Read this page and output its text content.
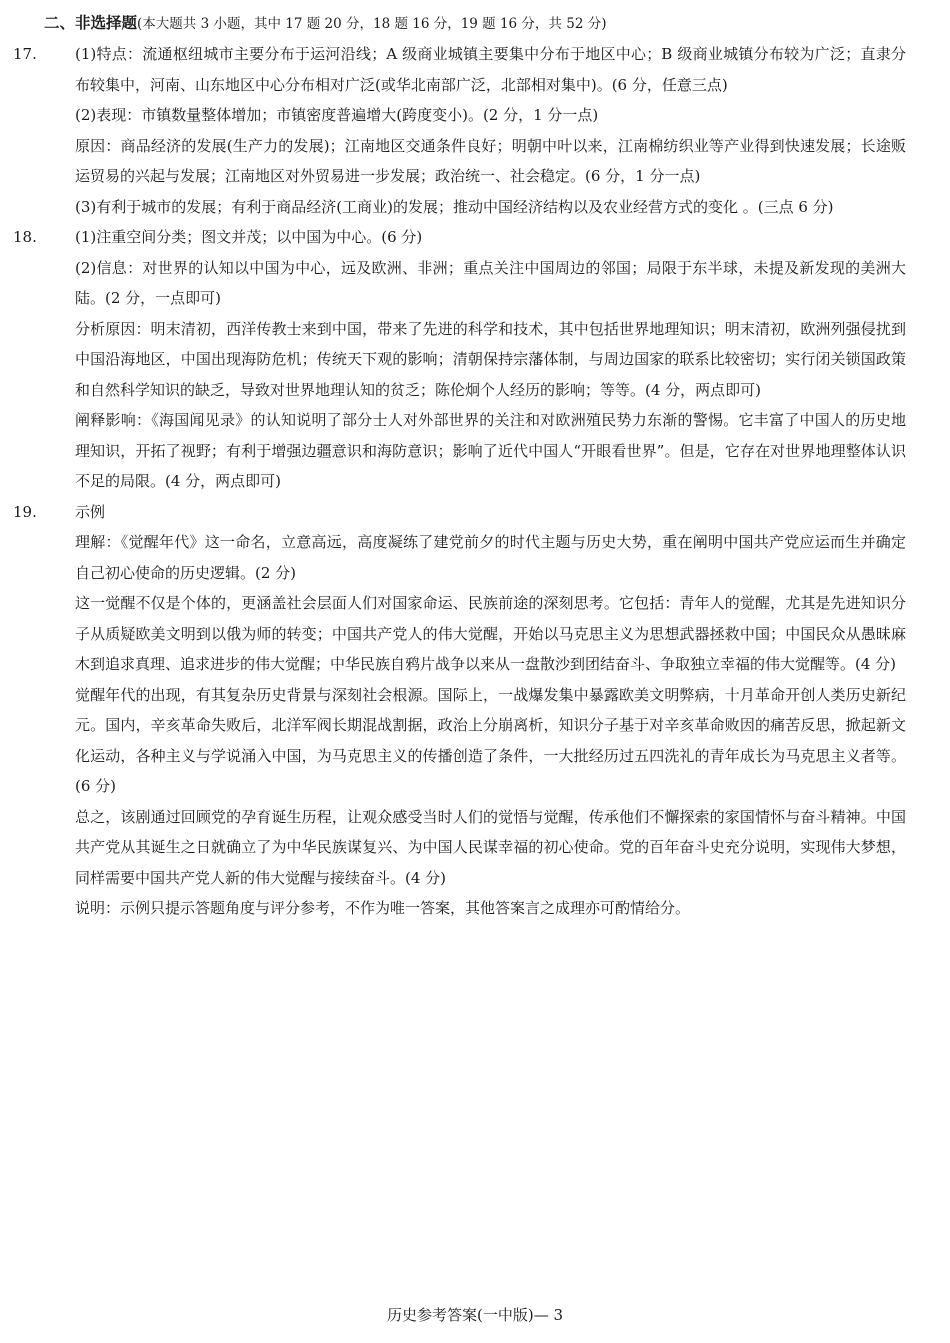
二、非选择题(本大题共 3 小题，其中 17 题 20 分，18 题 16 分，19 题 16 分，共 52 分)

17.	(1)特点：流通枢纽城市主要分布于运河沿线；A 级商业城镇主要集中分布于地区中心；B 级商业城镇分布较为广泛；直隶分布较集中，河南、山东地区中心分布相对广泛(或华北南部广泛，北部相对集中)。(6 分，任意三点)

(2)表现：市镇数量整体增加；市镇密度普遍增大(跨度变小)。(2 分，1 分一点)

原因：商品经济的发展(生产力的发展)；江南地区交通条件良好；明朝中叶以来，江南棉纺织业等产业得到快速发展；长途贩运贸易的兴起与发展；江南地区对外贸易进一步发展；政治统一、社会稳定。(6 分，1 分一点)

(3)有利于城市的发展；有利于商品经济(工商业)的发展；推动中国经济结构以及农业经营方式的变化 。(三点 6 分)

18.	(1)注重空间分类；图文并茂；以中国为中心。(6 分)

(2)信息：对世界的认知以中国为中心，远及欧洲、非洲；重点关注中国周边的邻国；局限于东半球，未提及新发现的美洲大陆。(2 分，一点即可)

分析原因：明末清初，西洋传教士来到中国，带来了先进的科学和技术，其中包括世界地理知识；明末清初，欧洲列强侵扰到中国沿海地区，中国出现海防危机；传统天下观的影响；清朝保持宗藩体制，与周边国家的联系比较密切；实行闭关锁国政策和自然科学知识的缺乏，导致对世界地理认知的贫乏；陈伦炯个人经历的影响；等等。(4 分，两点即可)

阐释影响：《海国闻见录》的认知说明了部分士人对外部世界的关注和对欧洲殖民势力东渐的警惕。它丰富了中国人的历史地理知识，开拓了视野；有利于增强边疆意识和海防意识；影响了近代中国人“开眼看世界”。但是，它存在对世界地理整体认识不足的局限。(4 分，两点即可)

19.	示例

理解：《觉醒年代》这一命名，立意高远，高度凝练了建党前夕的时代主题与历史大势，重在阐明中国共产党应运而生并确定自己初心使命的历史逻辑。(2 分)

这一觉醒不仅是个体的，更涵盖社会层面人们对国家命运、民族前途的深刻思考。它包括：青年人的觉醒，尤其是先进知识分子从质疑欧美文明到以俄为师的转变；中国共产党人的伟大觉醒，开始以马克思主义为思想武器拯救中国；中国民众从愚昧麻木到追求真理、追求进步的伟大觉醒；中华民族自鸦片战争以来从一盘散沙到团结奋斗、争取独立幸福的伟大觉醒等。(4 分)

觉醒年代的出现，有其复杂历史背景与深刻社会根源。国际上，一战爆发集中暴露欧美文明弊病，十月革命开创人类历史新纪元。国内，辛亥革命失败后，北洋军阀长期混战割据，政治上分崩离析，知识分子基于对辛亥革命败因的痛苦反思，掀起新文化运动，各种主义与学说涌入中国，为马克思主义的传播创造了条件，一大批经历过五四洗礼的青年成长为马克思主义者等。(6 分)

总之，该剧通过回顾党的孕育诞生历程，让观众感受当时人们的觉悟与觉醒，传承他们不懈探索的家国情怀与奋斗精神。中国共产党从其诞生之日就确立了为中华民族谋复兴、为中国人民谋幸福的初心使命。党的百年奋斗史充分说明，实现伟大梦想，同样需要中国共产党人新的伟大觉醒与接续奋斗。(4 分)

说明：示例只提示答题角度与评分参考，不作为唯一答案，其他答案言之成理亦可酌情给分。

历史参考答案(一中版)— 3
